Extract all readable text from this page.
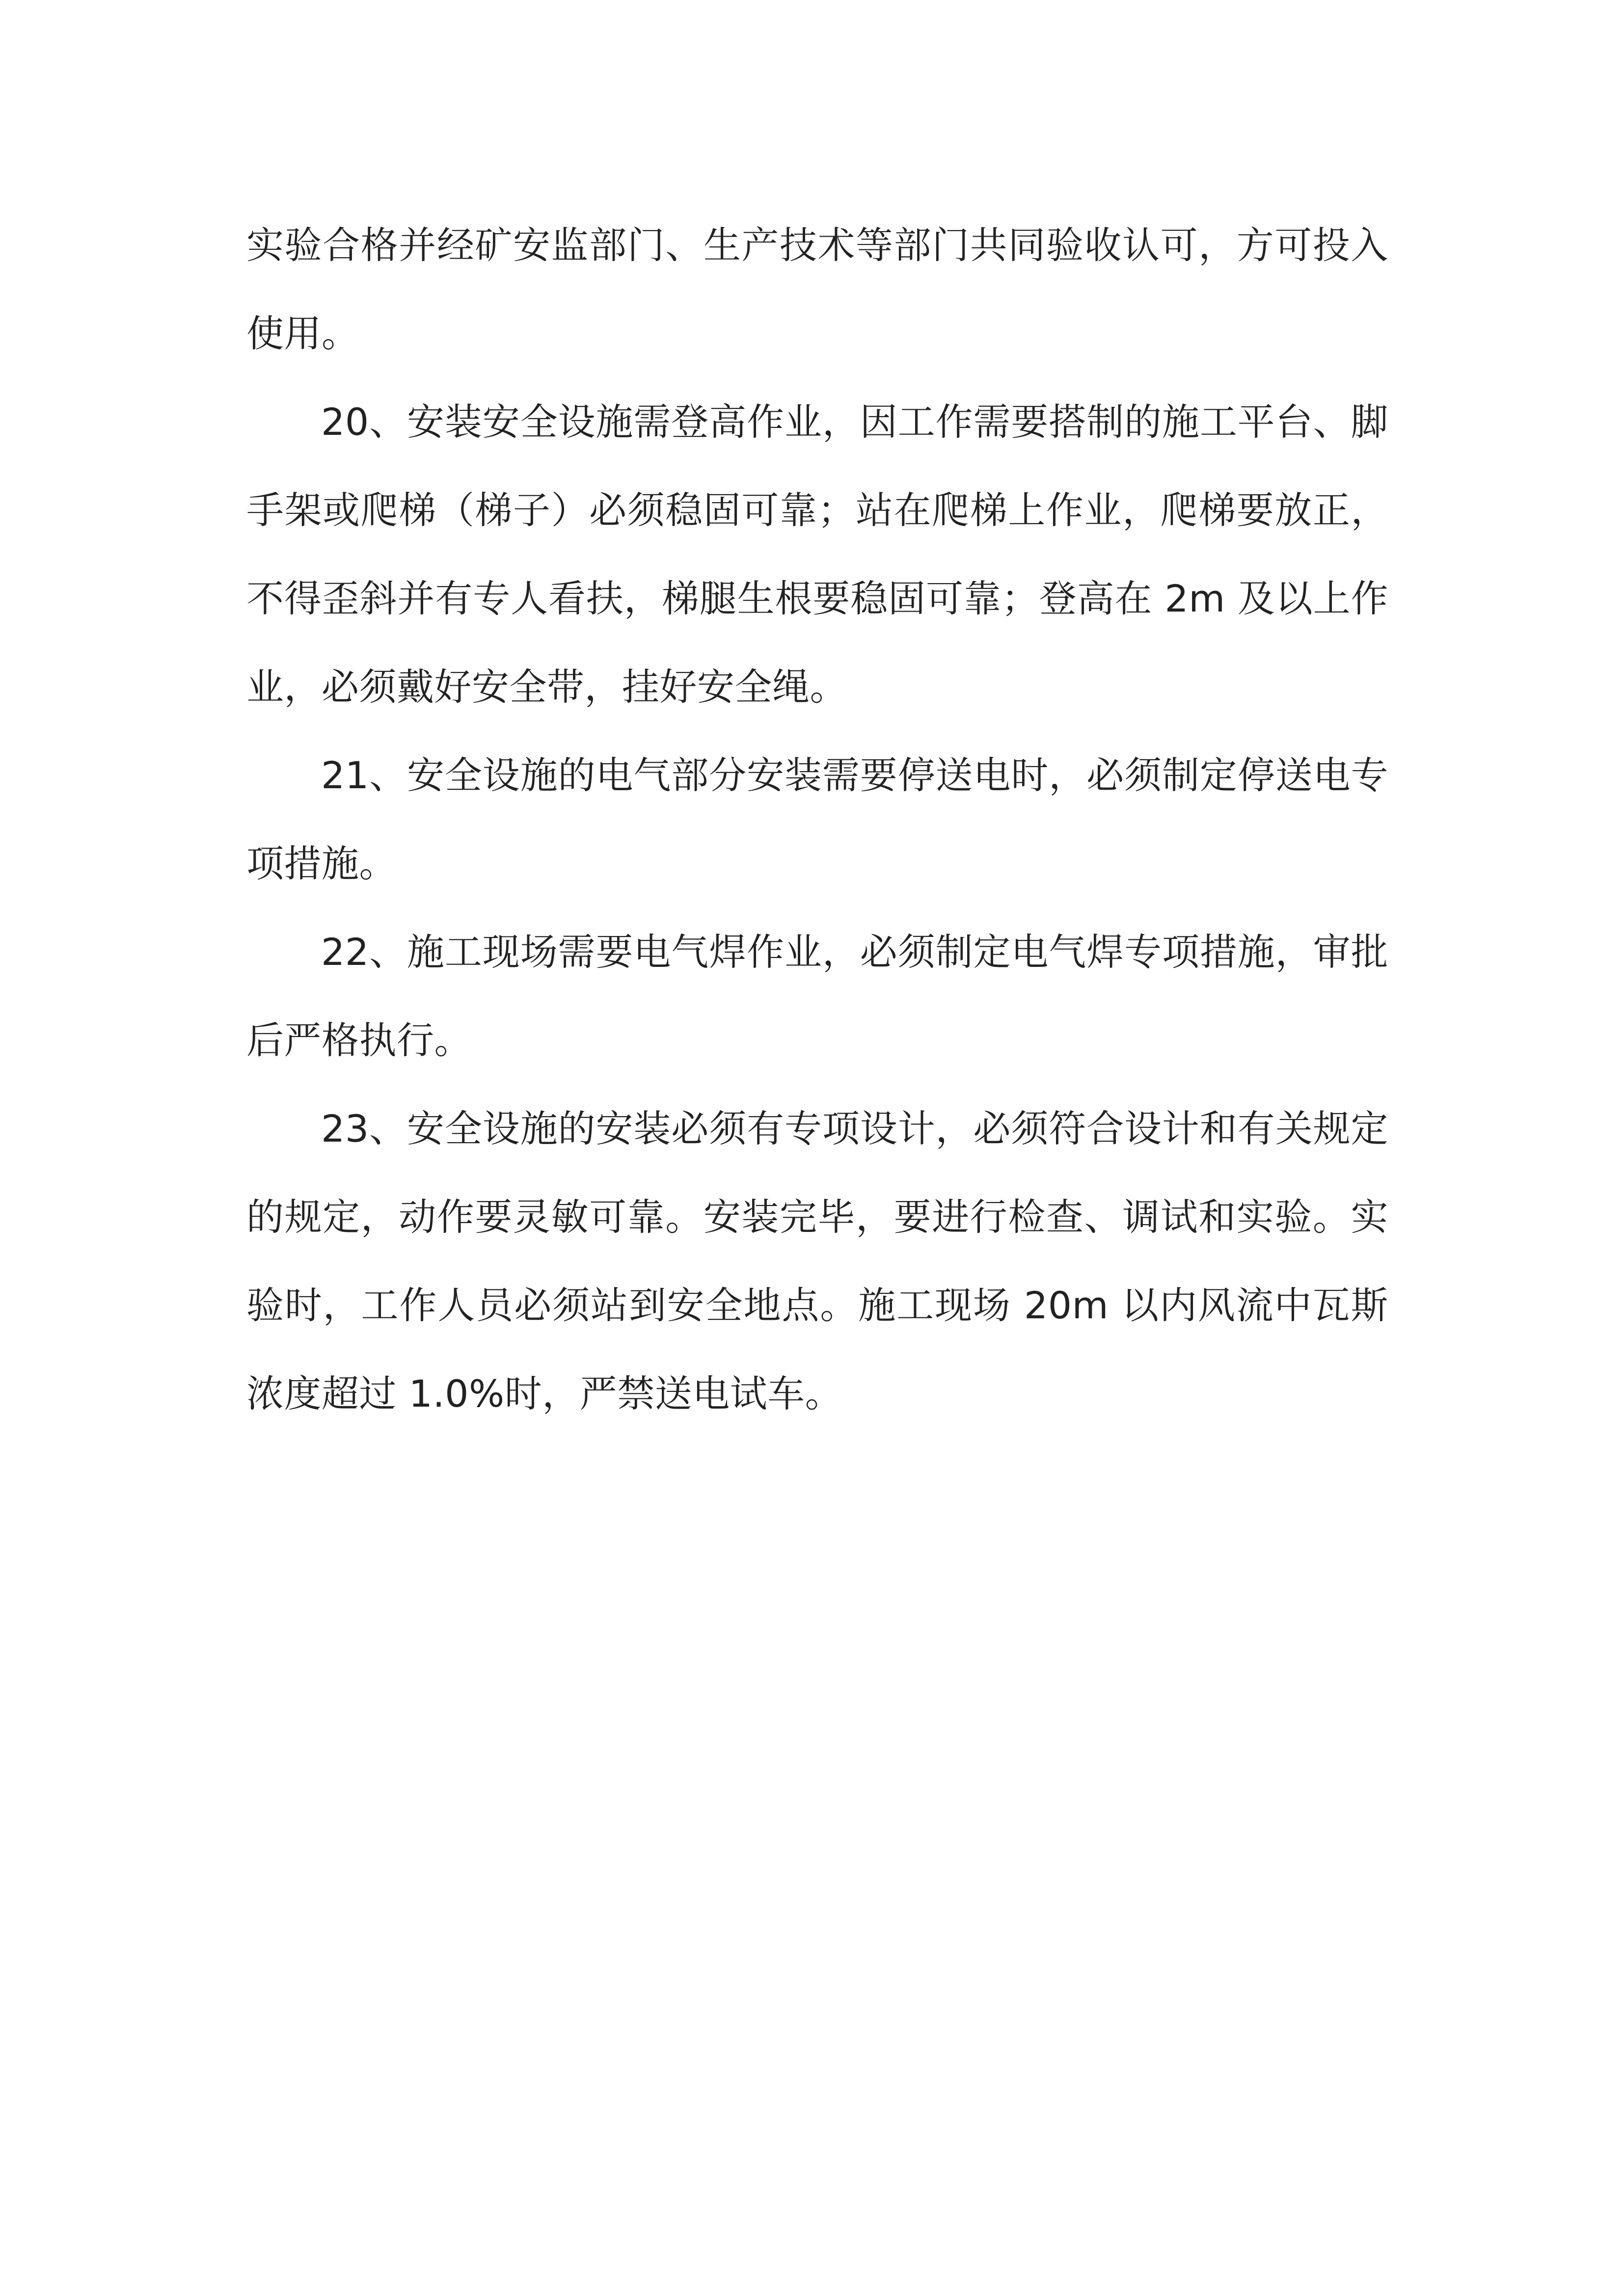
实验合格并经矿安监部门、生产技术等部门共同验收认可，方可投入使用。

20、安装安全设施需登高作业，因工作需要搭制的施工平台、脚手架或爬梯（梯子）必须稳固可靠；站在爬梯上作业，爬梯要放正，不得歪斜并有专人看扶，梯腿生根要稳固可靠；登高在 2m 及以上作业，必须戴好安全带，挂好安全绳。

21、安全设施的电气部分安装需要停送电时，必须制定停送电专项措施。

22、施工现场需要电气焊作业，必须制定电气焊专项措施，审批后严格执行。

23、安全设施的安装必须有专项设计，必须符合设计和有关规定的规定，动作要灵敏可靠。安装完毕，要进行检查、调试和实验。实验时，工作人员必须站到安全地点。施工现场 20m 以内风流中瓦斯浓度超过 1.0%时，严禁送电试车。
